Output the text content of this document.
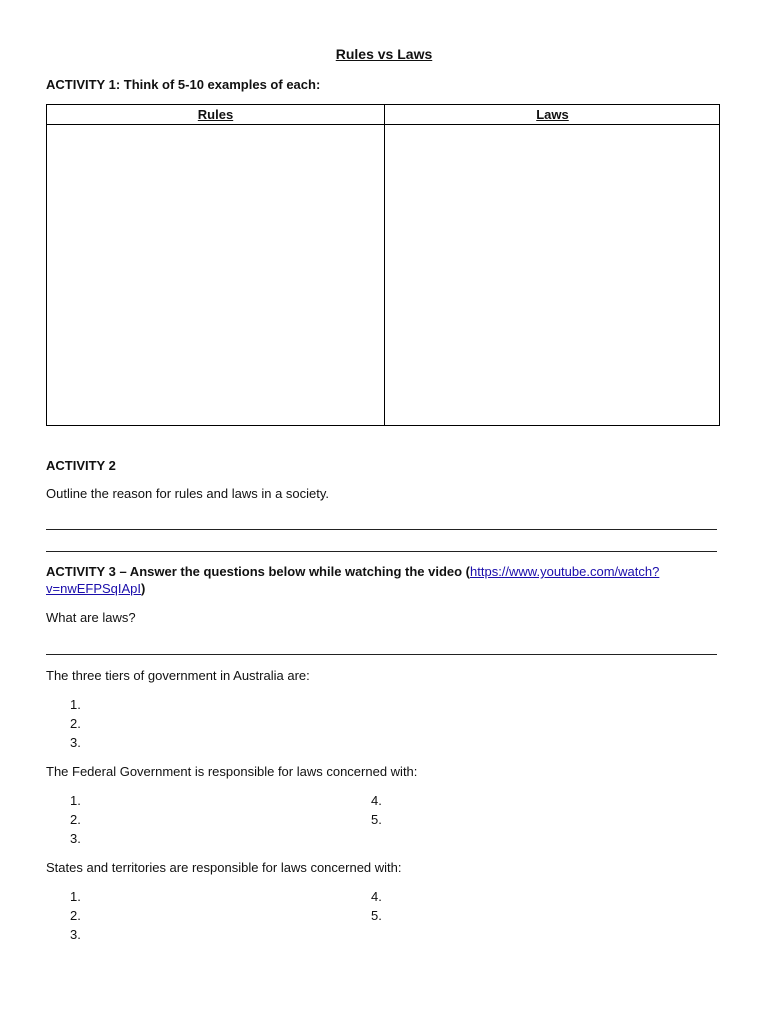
Rules vs Laws
ACTIVITY 1: Think of 5-10 examples of each:
Rules	Laws
ACTIVITY 2
Outline the reason for rules and laws in a society.
ACTIVITY 3 – Answer the questions below while watching the video (https://www.youtube.com/watch?
v=nwEFPSqIApI)
What are laws?
The three tiers of government in Australia are:
1.
2.
3.
The Federal Government is responsible for laws concerned with:
1.
2.
3.
4.
5.
States and territories are responsible for laws concerned with:
1.
2.
3.
4.
5.
